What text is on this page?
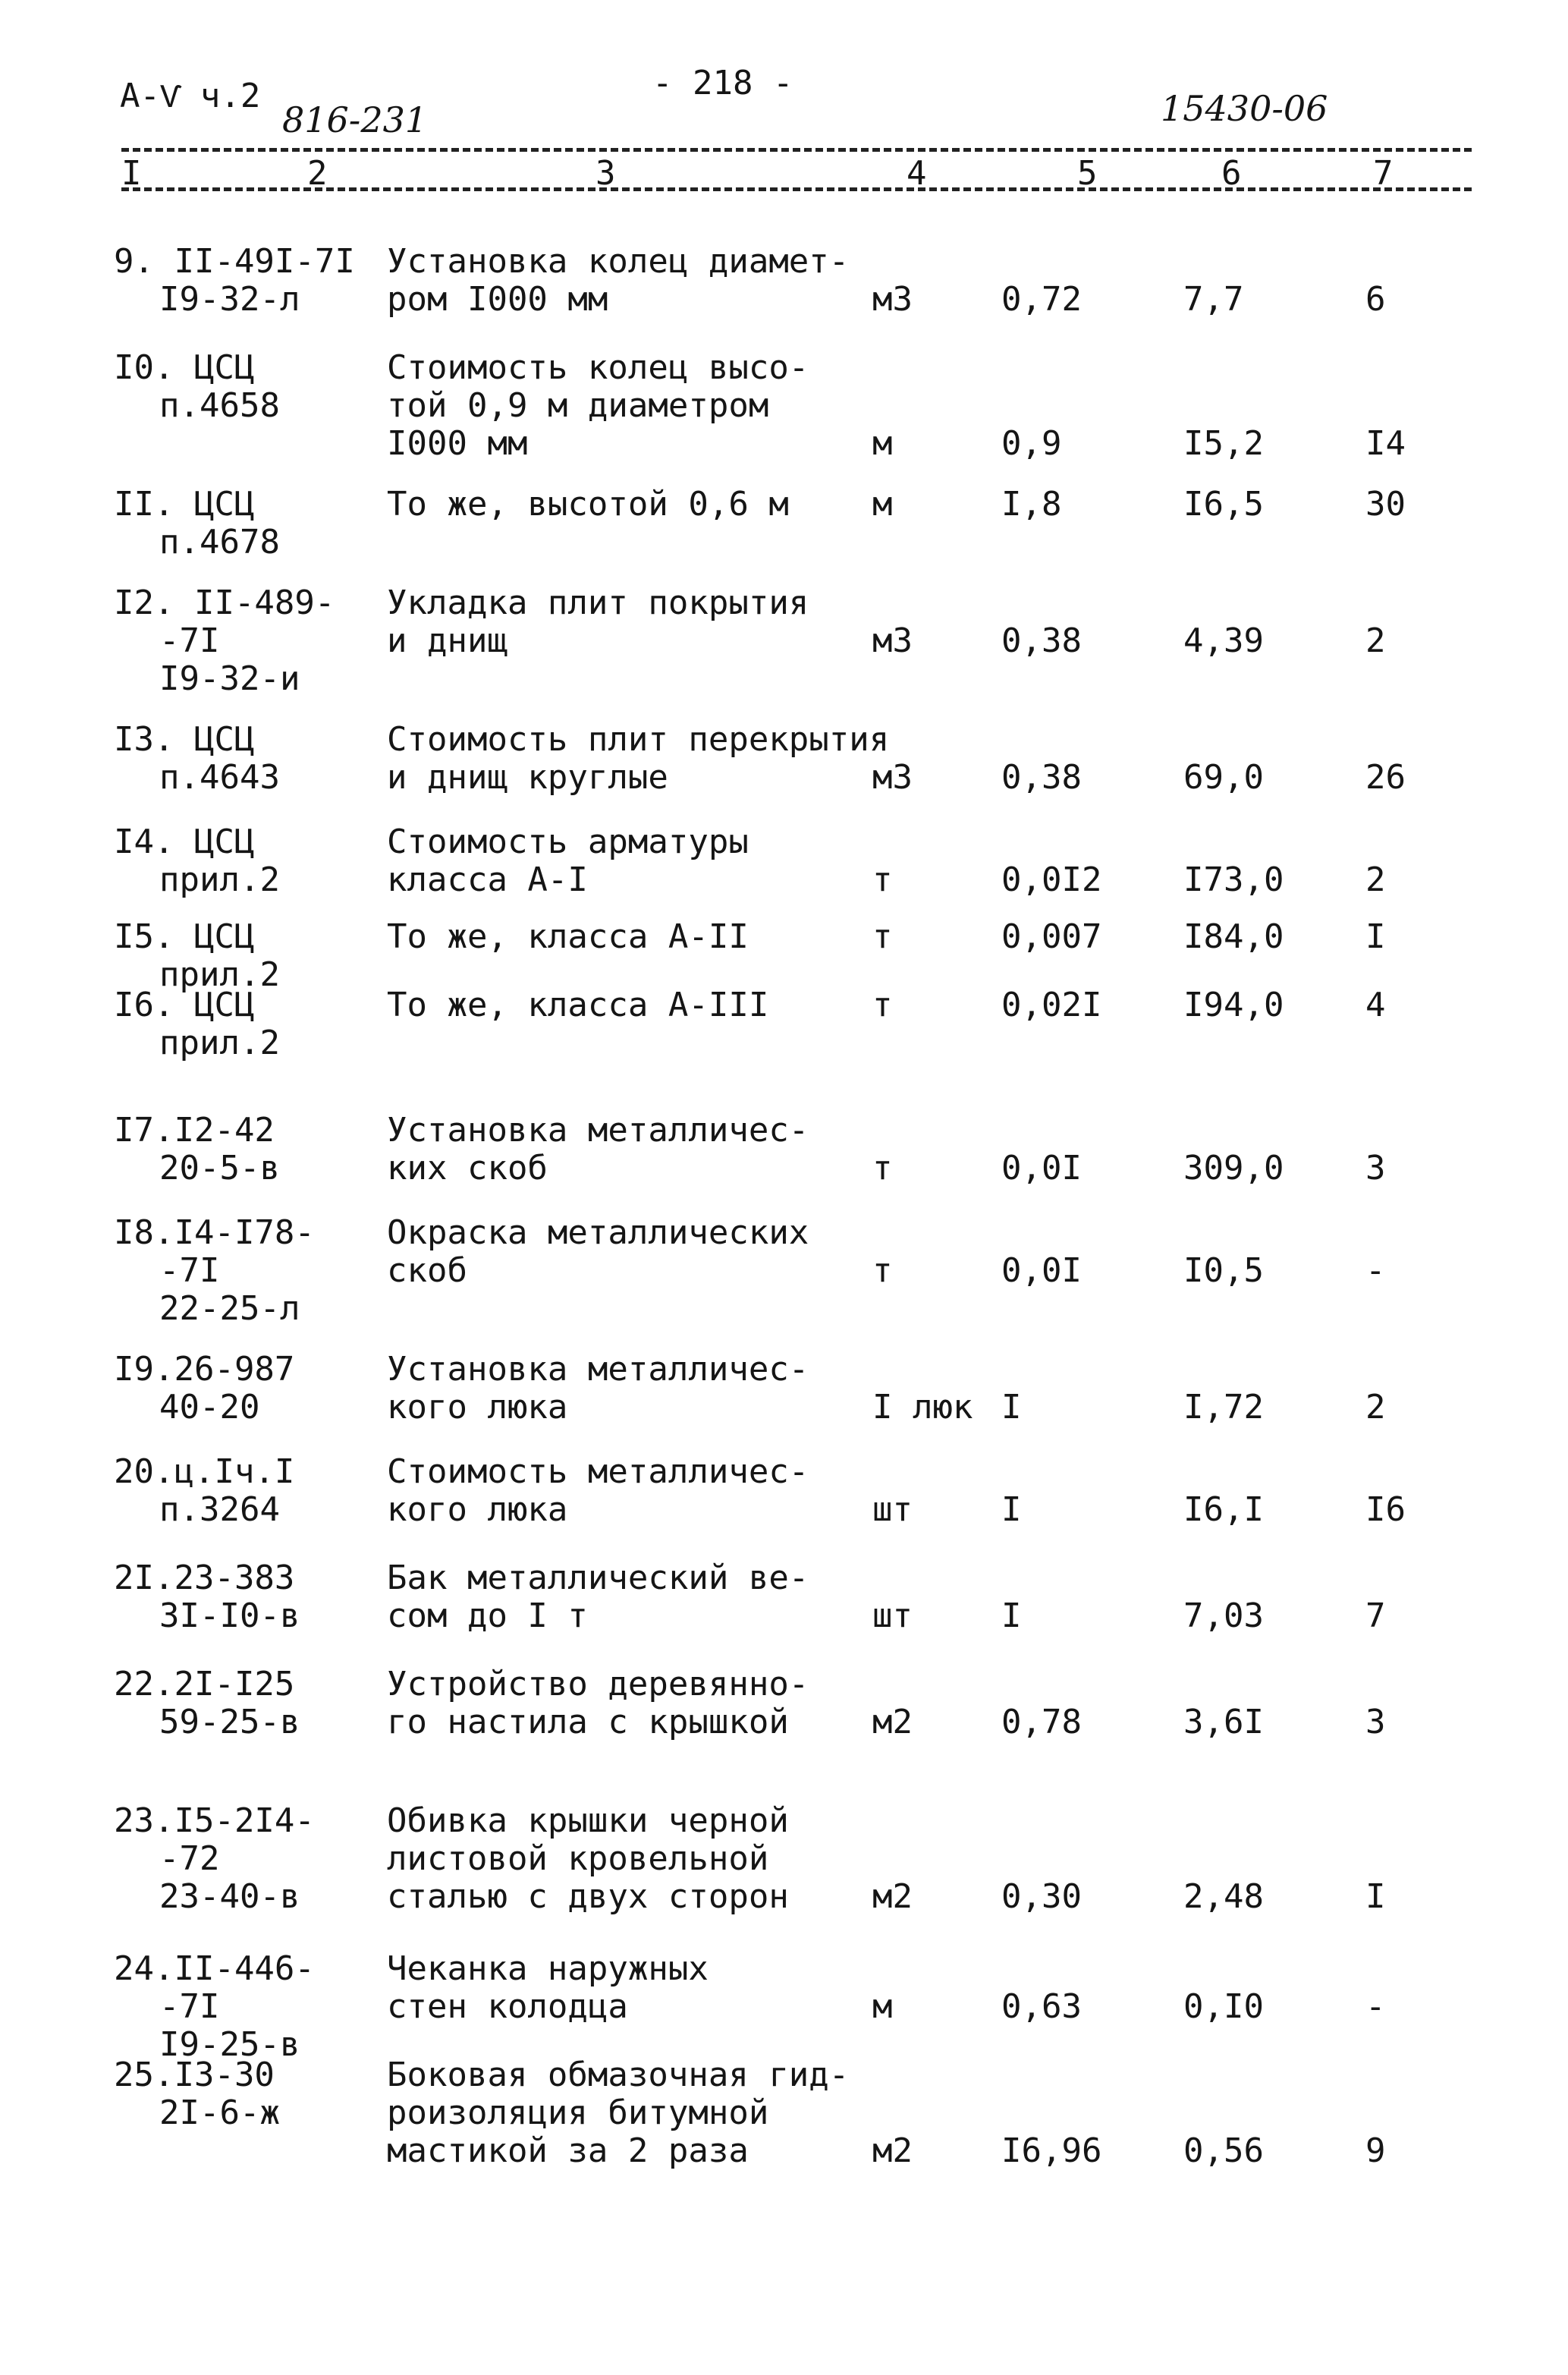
А-Ѵ ч.2
816-231
- 218 -
15430-06
I	2	3	4	5	6	7
9. II-49I-7I
I9-32-л
Установка колец диамет-
ром I000 мм	м3	0,72	7,7	6
I0. ЦСЦ
п.4658
Стоимость колец высо-
той 0,9 м диаметром
I000 мм	м	0,9	I5,2	I4
II. ЦСЦ
п.4678
То же, высотой 0,6 м	м	I,8	I6,5	30
I2. II-489-
-7I
I9-32-и
Укладка плит покрытия
и днищ	м3	0,38	4,39	2
I3. ЦСЦ
п.4643
Стоимость плит перекрытия
и днищ круглые	м3	0,38	69,0	26
I4. ЦСЦ
прил.2
Стоимость арматуры
класса А-I	т	0,0I2 I73,0 2
I5. ЦСЦ
прил.2
То же, класса А-II	т	0,007 I84,0 I
I6. ЦСЦ
прил.2
То же, класса А-III	т	0,02I I94,0 4
I7.I2-42
20-5-в
Установка металличес-
ких скоб	т	0,0I	309,0 3
I8.I4-I78-
-7I
22-25-л
Окраска металлических
скоб	т	0,0I	I0,5	-
I9.26-987
40-20
Установка металличес-
кого люка	I люк I	I,72	2
20.ц.Iч.I
п.3264
Стоимость металличес-
кого люка	шт	I	I6,I	I6
2I.23-383
3I-I0-в
Бак металлический ве-
сом до I т	шт	I	7,03	7
22.2I-I25
59-25-в
Устройство деревянно-
го настила с крышкой	м2	0,78	3,6I	3
23.I5-2I4-
-72
23-40-в
Обивка крышки черной
листовой кровельной
сталью с двух сторон	м2	0,30	2,48	I
24.II-446-
-7I
I9-25-в
Чеканка наружных
стен колодца	м	0,63	0,I0	-
25.I3-30
2I-6-ж
Боковая обмазочная гид-
роизоляция битумной
мастикой за 2 раза	м2	I6,96 0,56	9
